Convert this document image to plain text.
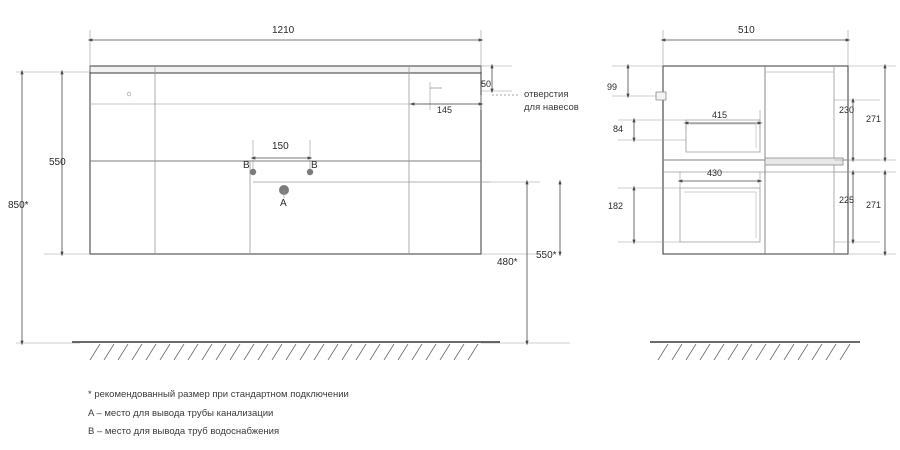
1210
50
145
150
550
850*
480*
550*
B	B
A
отверстия
для навесов
510
99
415
84
430
182
230
271
225 271
* рекомендованный размер при стандартном подключении
A – место для вывода трубы канализации
B – место для вывода труб водоснабжения
